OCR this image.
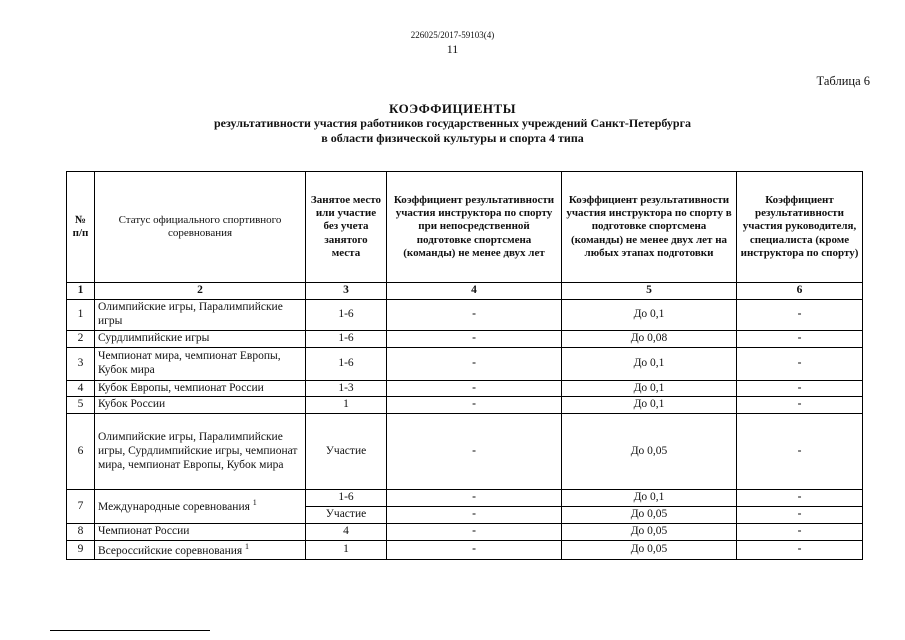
226025/2017-59103(4)
11
Таблица 6
КОЭФФИЦИЕНТЫ
результативности участия работников государственных учреждений Санкт-Петербурга
в области физической культуры и спорта 4 типа
№ п/п	Статус официального спортивного соревнования	Занятое место или участие без учета занятого места	Коэффициент результативности участия инструктора по спорту при непосредственной подготовке спортсмена (команды) не менее двух лет	Коэффициент результативности участия инструктора по спорту в подготовке спортсмена (команды) не менее двух лет на любых этапах подготовки	Коэффициент результативности участия руководителя, специалиста (кроме инструктора по спорту)
1	2	3	4	5	6
1	Олимпийские игры, Паралимпийские игры	1-6	-	До 0,1	-
2	Сурдлимпийские игры	1-6	-	До 0,08	-
3	Чемпионат мира, чемпионат Европы, Кубок мира	1-6	-	До 0,1	-
4	Кубок Европы, чемпионат России	1-3	-	До 0,1	-
5	Кубок России	1	-	До 0,1	-
6	Олимпийские игры, Паралимпийские игры, Сурдлимпийские игры, чемпионат мира, чемпионат Европы, Кубок мира	Участие	-	До 0,05	-
7	Международные соревнования $^1$	1-6	-	До 0,1	-
		Участие	-	До 0,05	-
8	Чемпионат России	4	-	До 0,05	-
9	Всероссийские соревнования $^1$	1	-	До 0,05	-
